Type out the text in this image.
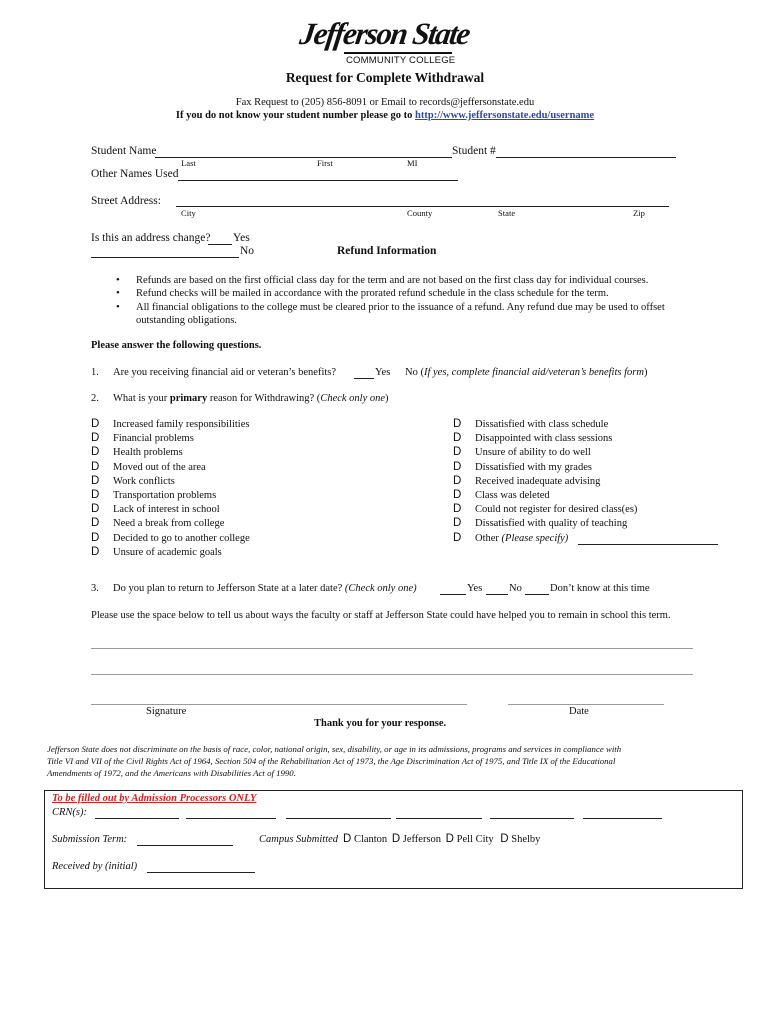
Jefferson State
COMMUNITY COLLEGE
Request for Complete Withdrawal
Fax Request to (205) 856-8091 or Email to records@jeffersonstate.edu
If you do not know your student number please go to http://www.jeffersonstate.edu/username
Student Name	Student #
Last	First	MI
Other Names Used
Street Address:
City	County	State	Zip
Is this an address change? Yes
No	Refund Information
• Refunds are based on the first official class day for the term and are not based on the first class day for individual courses.
• Refund checks will be mailed in accordance with the prorated refund schedule in the class schedule for the term.
• All financial obligations to the college must be cleared prior to the issuance of a refund. Any refund due may be used to offset
outstanding obligations.
Please answer the following questions.
1. Are you receiving financial aid or veteran’s benefits?	Yes No (If yes, complete financial aid/veteran’s benefits form)
2. What is your primary reason for Withdrawing? (Check only one)
D Increased family responsibilities
D Financial problems
D Health problems
D Moved out of the area
D Work conflicts
D Transportation problems
D Lack of interest in school
D Need a break from college
D Decided to go to another college
D Unsure of academic goals
D Dissatisfied with class schedule
D Disappointed with class sessions
D Unsure of ability to do well
D Dissatisfied with my grades
D Received inadequate advising
D Class was deleted
D Could not register for desired class(es)
D Dissatisfied with quality of teaching
D Other (Please specify)
3. Do you plan to return to Jefferson State at a later date? (Check only one)	Yes	No	Don’t know at this time
Please use the space below to tell us about ways the faculty or staff at Jefferson State could have helped you to remain in school this term.
Signature	Date
Thank you for your response.
Jefferson State does not discriminate on the basis of race, color, national origin, sex, disability, or age in its admissions, programs and services in compliance with
Title VI and VII of the Civil Rights Act of 1964, Section 504 of the Rehabilitation Act of 1973, the Age Discrimination Act of 1975, and Title IX of the Educational
Amendments of 1972, and the Americans with Disabilities Act of 1990.
To be filled out by Admission Processors ONLY
CRN(s):
Submission Term:	Campus Submitted D Clanton D Jefferson D Pell City D Shelby
Received by (initial)
